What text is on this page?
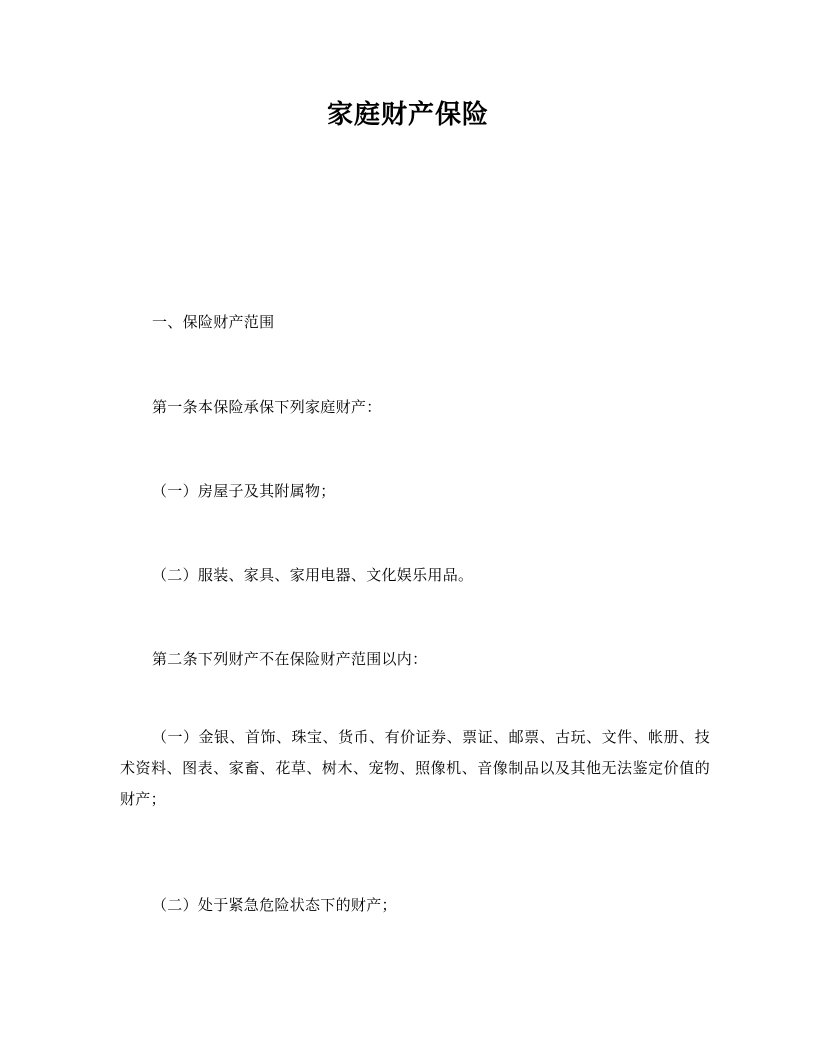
家庭财产保险

一、保险财产范围

第一条本保险承保下列家庭财产：

（一）房屋子及其附属物；

（二）服装、家具、家用电器、文化娱乐用品。

第二条下列财产不在保险财产范围以内：

（一）金银、首饰、珠宝、货币、有价证券、票证、邮票、古玩、文件、帐册、技术资料、图表、家畜、花草、树木、宠物、照像机、音像制品以及其他无法鉴定价值的财产；

（二）处于紧急危险状态下的财产；
